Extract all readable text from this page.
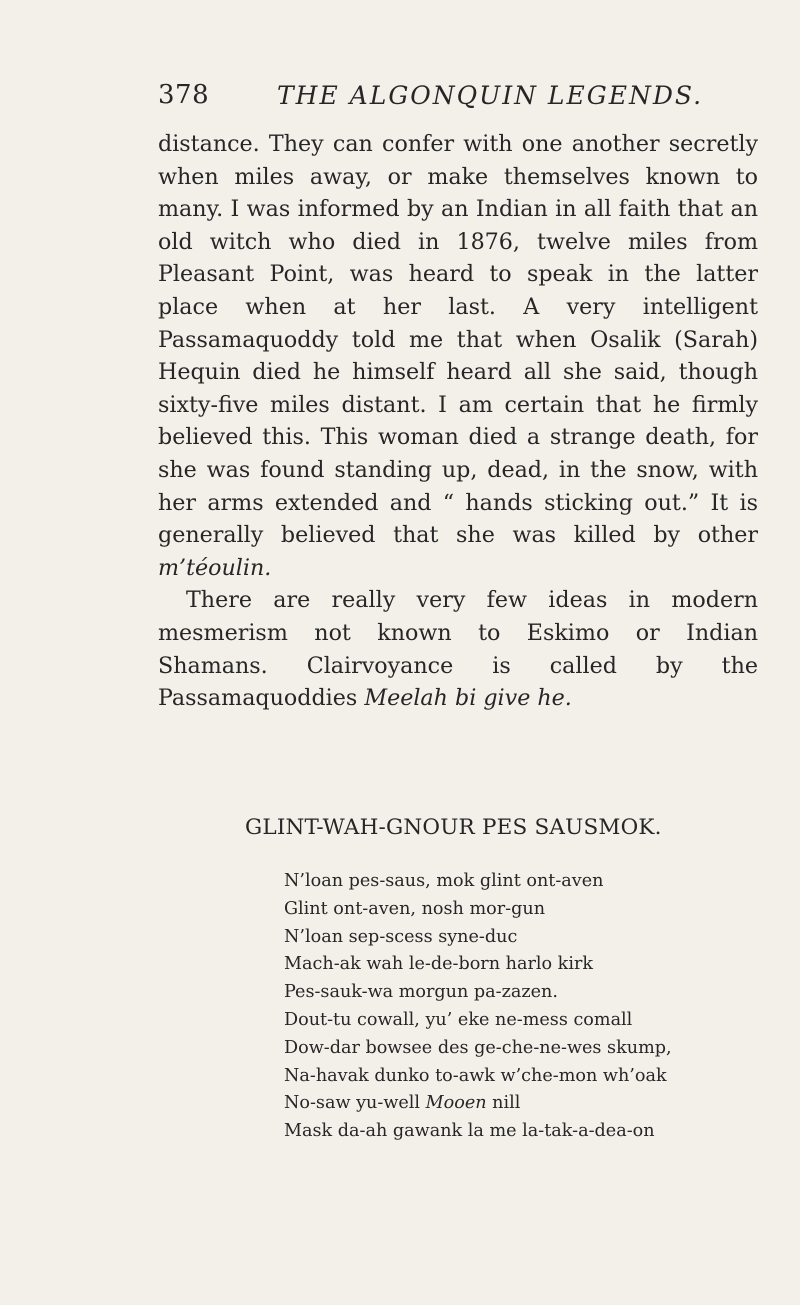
378	THE ALGONQUIN LEGENDS.

distance. They can confer with one another secretly when miles away, or make themselves known to many. I was informed by an Indian in all faith that an old witch who died in 1876, twelve miles from Pleasant Point, was heard to speak in the latter place when at her last. A very intelligent Passamaquoddy told me that when Osalik (Sarah) Hequin died he himself heard all she said, though sixty-five miles distant. I am certain that he firmly believed this. This woman died a strange death, for she was found standing up, dead, in the snow, with her arms extended and “ hands sticking out.” It is generally believed that she was killed by other m’téoulin.

There are really very few ideas in modern mesmerism not known to Eskimo or Indian Shamans. Clairvoyance is called by the Passamaquoddies Meelah bi give he.

GLINT-WAH-GNOUR PES SAUSMOK.
N’loan pes-saus, mok glint ont-aven
Glint ont-aven, nosh mor-gun
N’loan sep-scess syne-duc
Mach-ak wah le-de-born harlo kirk
Pes-sauk-wa morgun pa-zazen.
Dout-tu cowall, yu’ eke ne-mess comall
Dow-dar bowsee des ge-che-ne-wes skump,
Na-havak dunko to-awk w’che-mon wh’oak
No-saw yu-well Mooen nill
Mask da-ah gawank la me la-tak-a-dea-on
